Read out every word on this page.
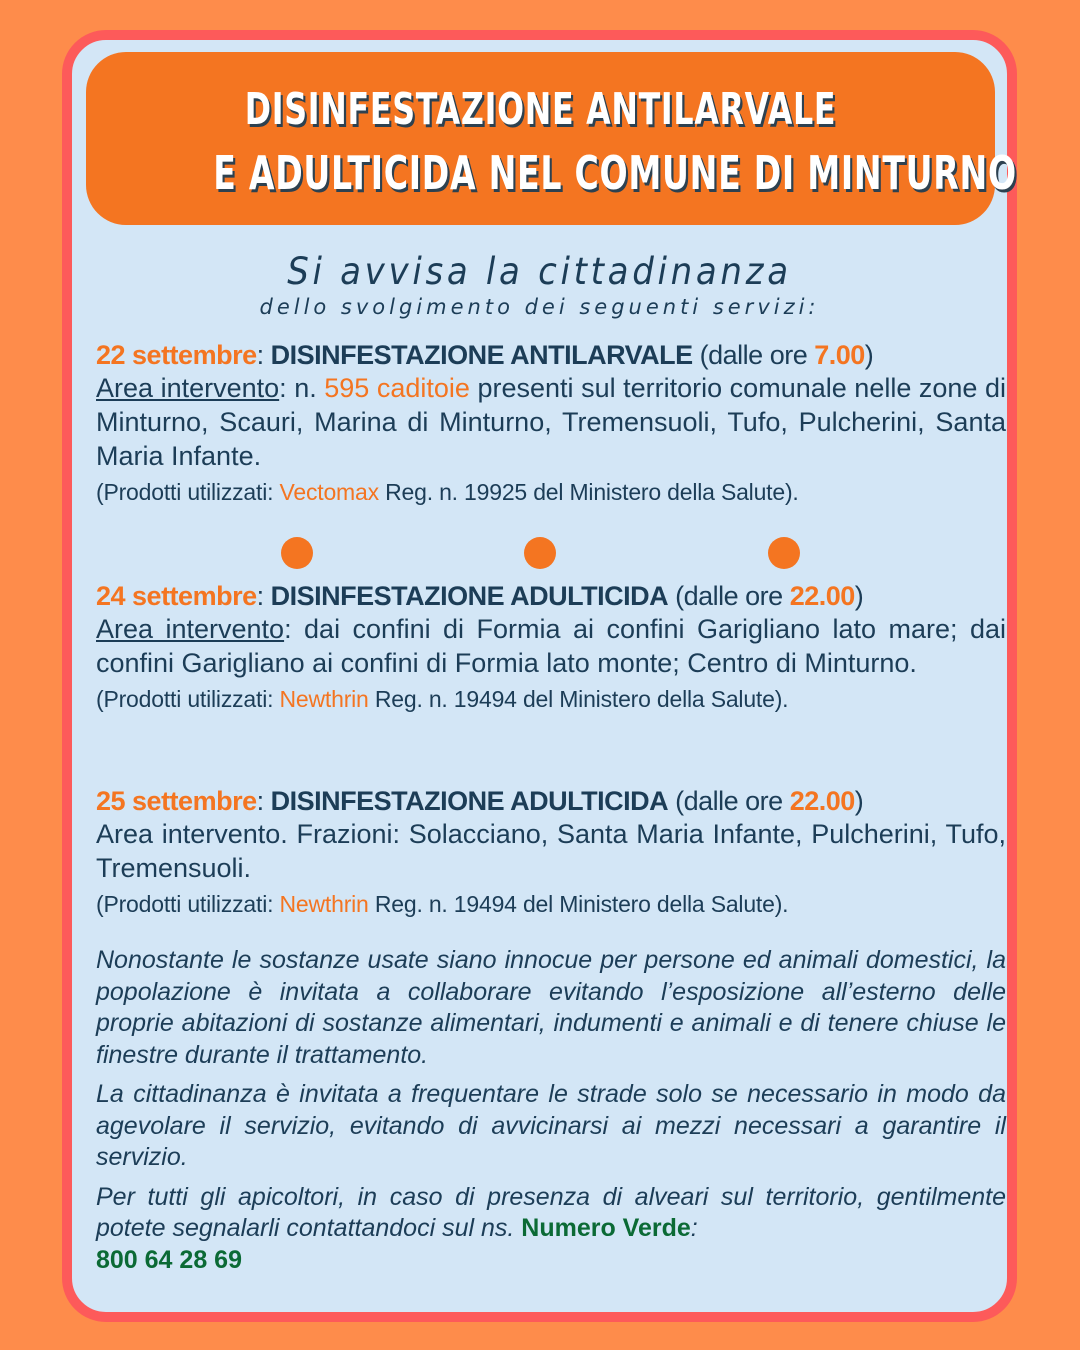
DISINFESTAZIONE ANTILARVALE
E ADULTICIDA NEL COMUNE DI MINTURNO
Si avvisa la cittadinanza
dello svolgimento dei seguenti servizi:
22 settembre: DISINFESTAZIONE ANTILARVALE (dalle ore 7.00)
Area intervento: n. 595 caditoie presenti sul territorio comunale nelle zone di Minturno, Scauri, Marina di Minturno, Tremensuoli, Tufo, Pulcherini, Santa Maria Infante.
(Prodotti utilizzati: Vectomax Reg. n. 19925 del Ministero della Salute).
24 settembre: DISINFESTAZIONE ADULTICIDA (dalle ore 22.00)
Area intervento: dai confini di Formia ai confini Garigliano lato mare; dai confini Garigliano ai confini di Formia lato monte; Centro di Minturno.
(Prodotti utilizzati: Newthrin Reg. n. 19494 del Ministero della Salute).
25 settembre: DISINFESTAZIONE ADULTICIDA (dalle ore 22.00)
Area intervento. Frazioni: Solacciano, Santa Maria Infante, Pulcherini, Tufo, Tremensuoli.
(Prodotti utilizzati: Newthrin Reg. n. 19494 del Ministero della Salute).
Nonostante le sostanze usate siano innocue per persone ed animali domestici, la popolazione è invitata a collaborare evitando l’esposizione all’esterno delle proprie abitazioni di sostanze alimentari, indumenti e animali e di tenere chiuse le finestre durante il trattamento.
La cittadinanza è invitata a frequentare le strade solo se necessario in modo da agevolare il servizio, evitando di avvicinarsi ai mezzi necessari a garantire il servizio.
Per tutti gli apicoltori, in caso di presenza di alveari sul territorio, gentilmente potete segnalarli contattandoci sul ns. Numero Verde:
800 64 28 69
